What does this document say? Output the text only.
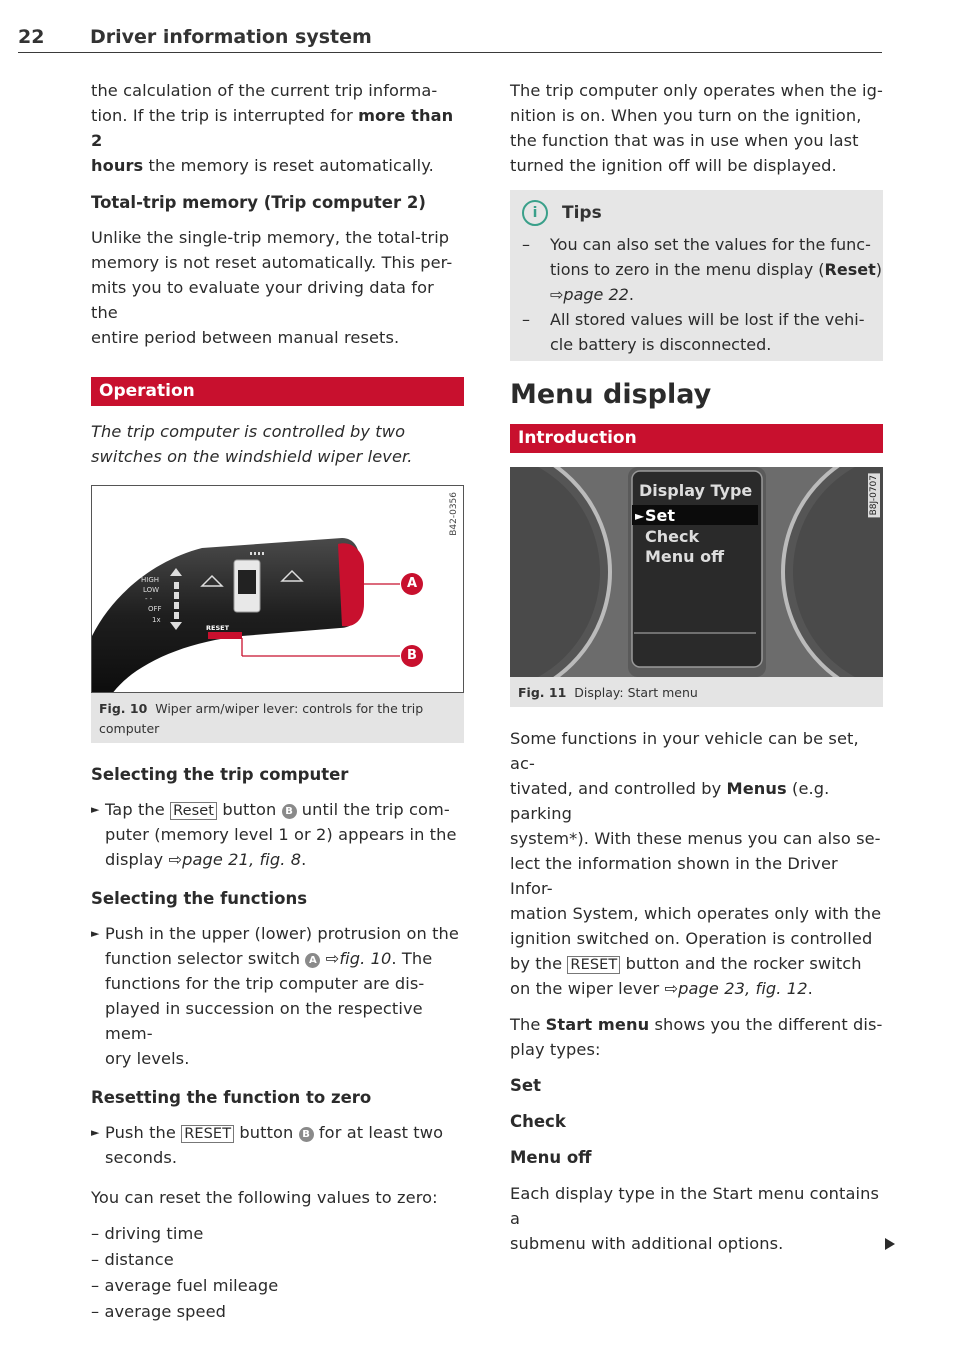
22 Driver information system

the calculation of the current trip informa-
tion. If the trip is interrupted for more than 2
hours the memory is reset automatically.

Total-trip memory (Trip computer 2)

Unlike the single-trip memory, the total-trip
memory is not reset automatically. This per-
mits you to evaluate your driving data for the
entire period between manual resets.

Operation

The trip computer is controlled by two
switches on the windshield wiper lever.

HIGH
LOW
- -
OFF
1x
RESET
A
B
B42-0356
Fig. 10 Wiper arm/wiper lever: controls for the trip
computer
Selecting the trip computer

► Tap the Reset button B until the trip com-
puter (memory level 1 or 2) appears in the
display ⇨page 21, fig. 8.

Selecting the functions

► Push in the upper (lower) protrusion on the
function selector switch A ⇨fig. 10. The
functions for the trip computer are dis-
played in succession on the respective mem-
ory levels.

Resetting the function to zero

► Push the RESET button B for at least two
seconds.

You can reset the following values to zero:

– driving time

– distance

– average fuel mileage

– average speed

The trip computer only operates when the ig-
nition is on. When you turn on the ignition,
the function that was in use when you last
turned the ignition off will be displayed.

i	Tips
–	You can also set the values for the func-
tions to zero in the menu display (Reset)
⇨page 22.
–	All stored values will be lost if the vehi-
cle battery is disconnected.
Menu display
Introduction
Display Type
► Set
Check
Menu off
B8J-0707
Fig. 11 Display: Start menu

Some functions in your vehicle can be set, ac-
tivated, and controlled by Menus (e.g. parking
system*). With these menus you can also se-
lect the information shown in the Driver Infor-
mation System, which operates only with the
ignition switched on. Operation is controlled
by the RESET button and the rocker switch
on the wiper lever ⇨page 23, fig. 12.

The Start menu shows you the different dis-
play types:

Set
Check
Menu off

Each display type in the Start menu contains a
submenu with additional options.
